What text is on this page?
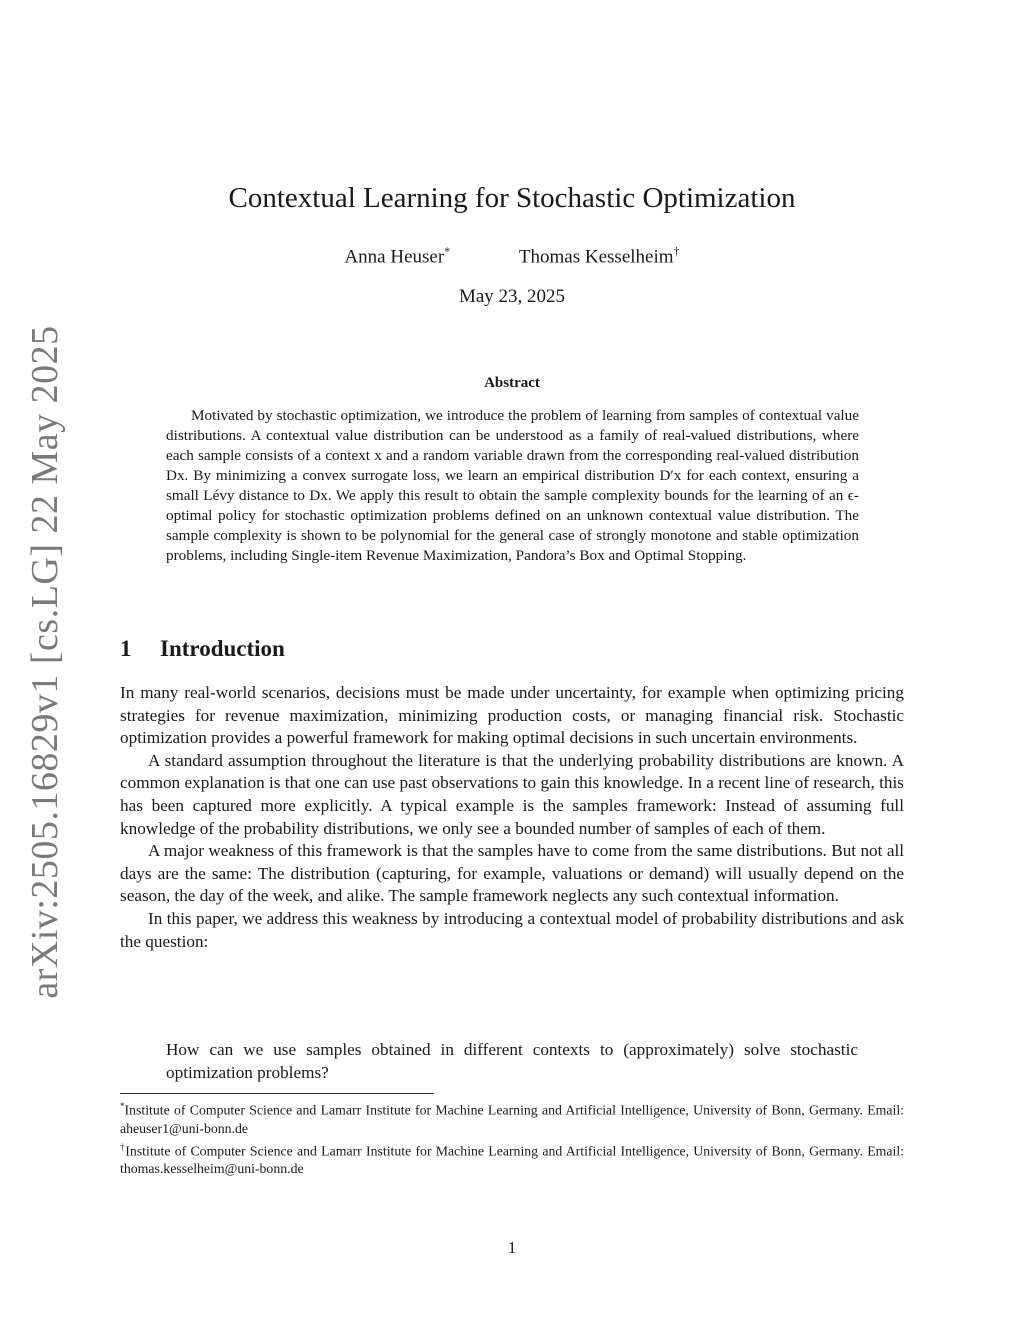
arXiv:2505.16829v1 [cs.LG] 22 May 2025
Contextual Learning for Stochastic Optimization
Anna Heuser*	Thomas Kesselheim†
May 23, 2025
Abstract
Motivated by stochastic optimization, we introduce the problem of learning from samples of contextual value distributions. A contextual value distribution can be understood as a family of real-valued distributions, where each sample consists of a context x and a random variable drawn from the corresponding real-valued distribution Dx. By minimizing a convex surrogate loss, we learn an empirical distribution D′x for each context, ensuring a small Lévy distance to Dx. We apply this result to obtain the sample complexity bounds for the learning of an ϵ-optimal policy for stochastic optimization problems defined on an unknown contextual value distribution. The sample complexity is shown to be polynomial for the general case of strongly monotone and stable optimization problems, including Single-item Revenue Maximization, Pandora’s Box and Optimal Stopping.
1 Introduction

In many real-world scenarios, decisions must be made under uncertainty, for example when optimizing pricing strategies for revenue maximization, minimizing production costs, or managing financial risk. Stochastic optimization provides a powerful framework for making optimal decisions in such uncertain environments.

A standard assumption throughout the literature is that the underlying probability distributions are known. A common explanation is that one can use past observations to gain this knowledge. In a recent line of research, this has been captured more explicitly. A typical example is the samples framework: Instead of assuming full knowledge of the probability distributions, we only see a bounded number of samples of each of them.

A major weakness of this framework is that the samples have to come from the same distributions. But not all days are the same: The distribution (capturing, for example, valuations or demand) will usually depend on the season, the day of the week, and alike. The sample framework neglects any such contextual information.

In this paper, we address this weakness by introducing a contextual model of probability distributions and ask the question:

How can we use samples obtained in different contexts to (approximately) solve stochastic optimization problems?

*Institute of Computer Science and Lamarr Institute for Machine Learning and Artificial Intelligence, University of Bonn, Germany. Email: aheuser1@uni-bonn.de

†Institute of Computer Science and Lamarr Institute for Machine Learning and Artificial Intelligence, University of Bonn, Germany. Email: thomas.kesselheim@uni-bonn.de

1
